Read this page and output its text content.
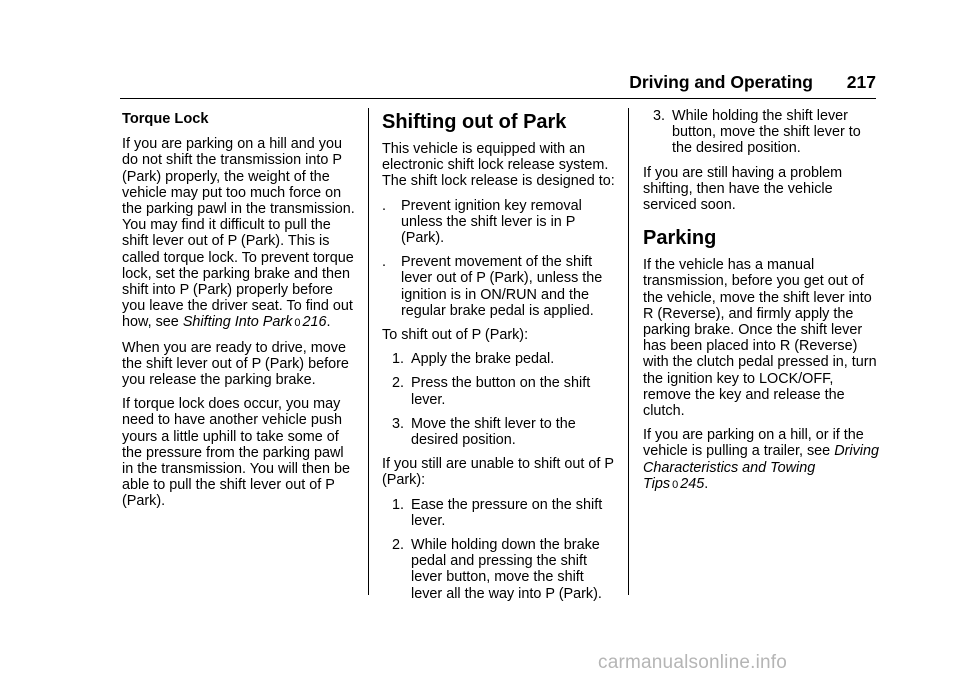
Driving and Operating 217
Torque Lock

If you are parking on a hill and you do not shift the transmission into P (Park) properly, the weight of the vehicle may put too much force on the parking pawl in the transmission. You may find it difficult to pull the shift lever out of P (Park). This is called torque lock. To prevent torque lock, set the parking brake and then shift into P (Park) properly before you leave the driver seat. To find out how, see Shifting Into Park 0 216.

When you are ready to drive, move the shift lever out of P (Park) before you release the parking brake.

If torque lock does occur, you may need to have another vehicle push yours a little uphill to take some of the pressure from the parking pawl in the transmission. You will then be able to pull the shift lever out of P (Park).

Shifting out of Park

This vehicle is equipped with an electronic shift lock release system. The shift lock release is designed to:

. Prevent ignition key removal unless the shift lever is in P (Park).
. Prevent movement of the shift lever out of P (Park), unless the ignition is in ON/RUN and the regular brake pedal is applied.

To shift out of P (Park):

1. Apply the brake pedal.
2. Press the button on the shift lever.
3. Move the shift lever to the desired position.

If you still are unable to shift out of P (Park):

1. Ease the pressure on the shift lever.
2. While holding down the brake pedal and pressing the shift lever button, move the shift lever all the way into P (Park).
3. While holding the shift lever button, move the shift lever to the desired position.

If you are still having a problem shifting, then have the vehicle serviced soon.

Parking

If the vehicle has a manual transmission, before you get out of the vehicle, move the shift lever into R (Reverse), and firmly apply the parking brake. Once the shift lever has been placed into R (Reverse) with the clutch pedal pressed in, turn the ignition key to LOCK/OFF, remove the key and release the clutch.

If you are parking on a hill, or if the vehicle is pulling a trailer, see Driving Characteristics and Towing Tips 0 245.

carmanualsonline.info
